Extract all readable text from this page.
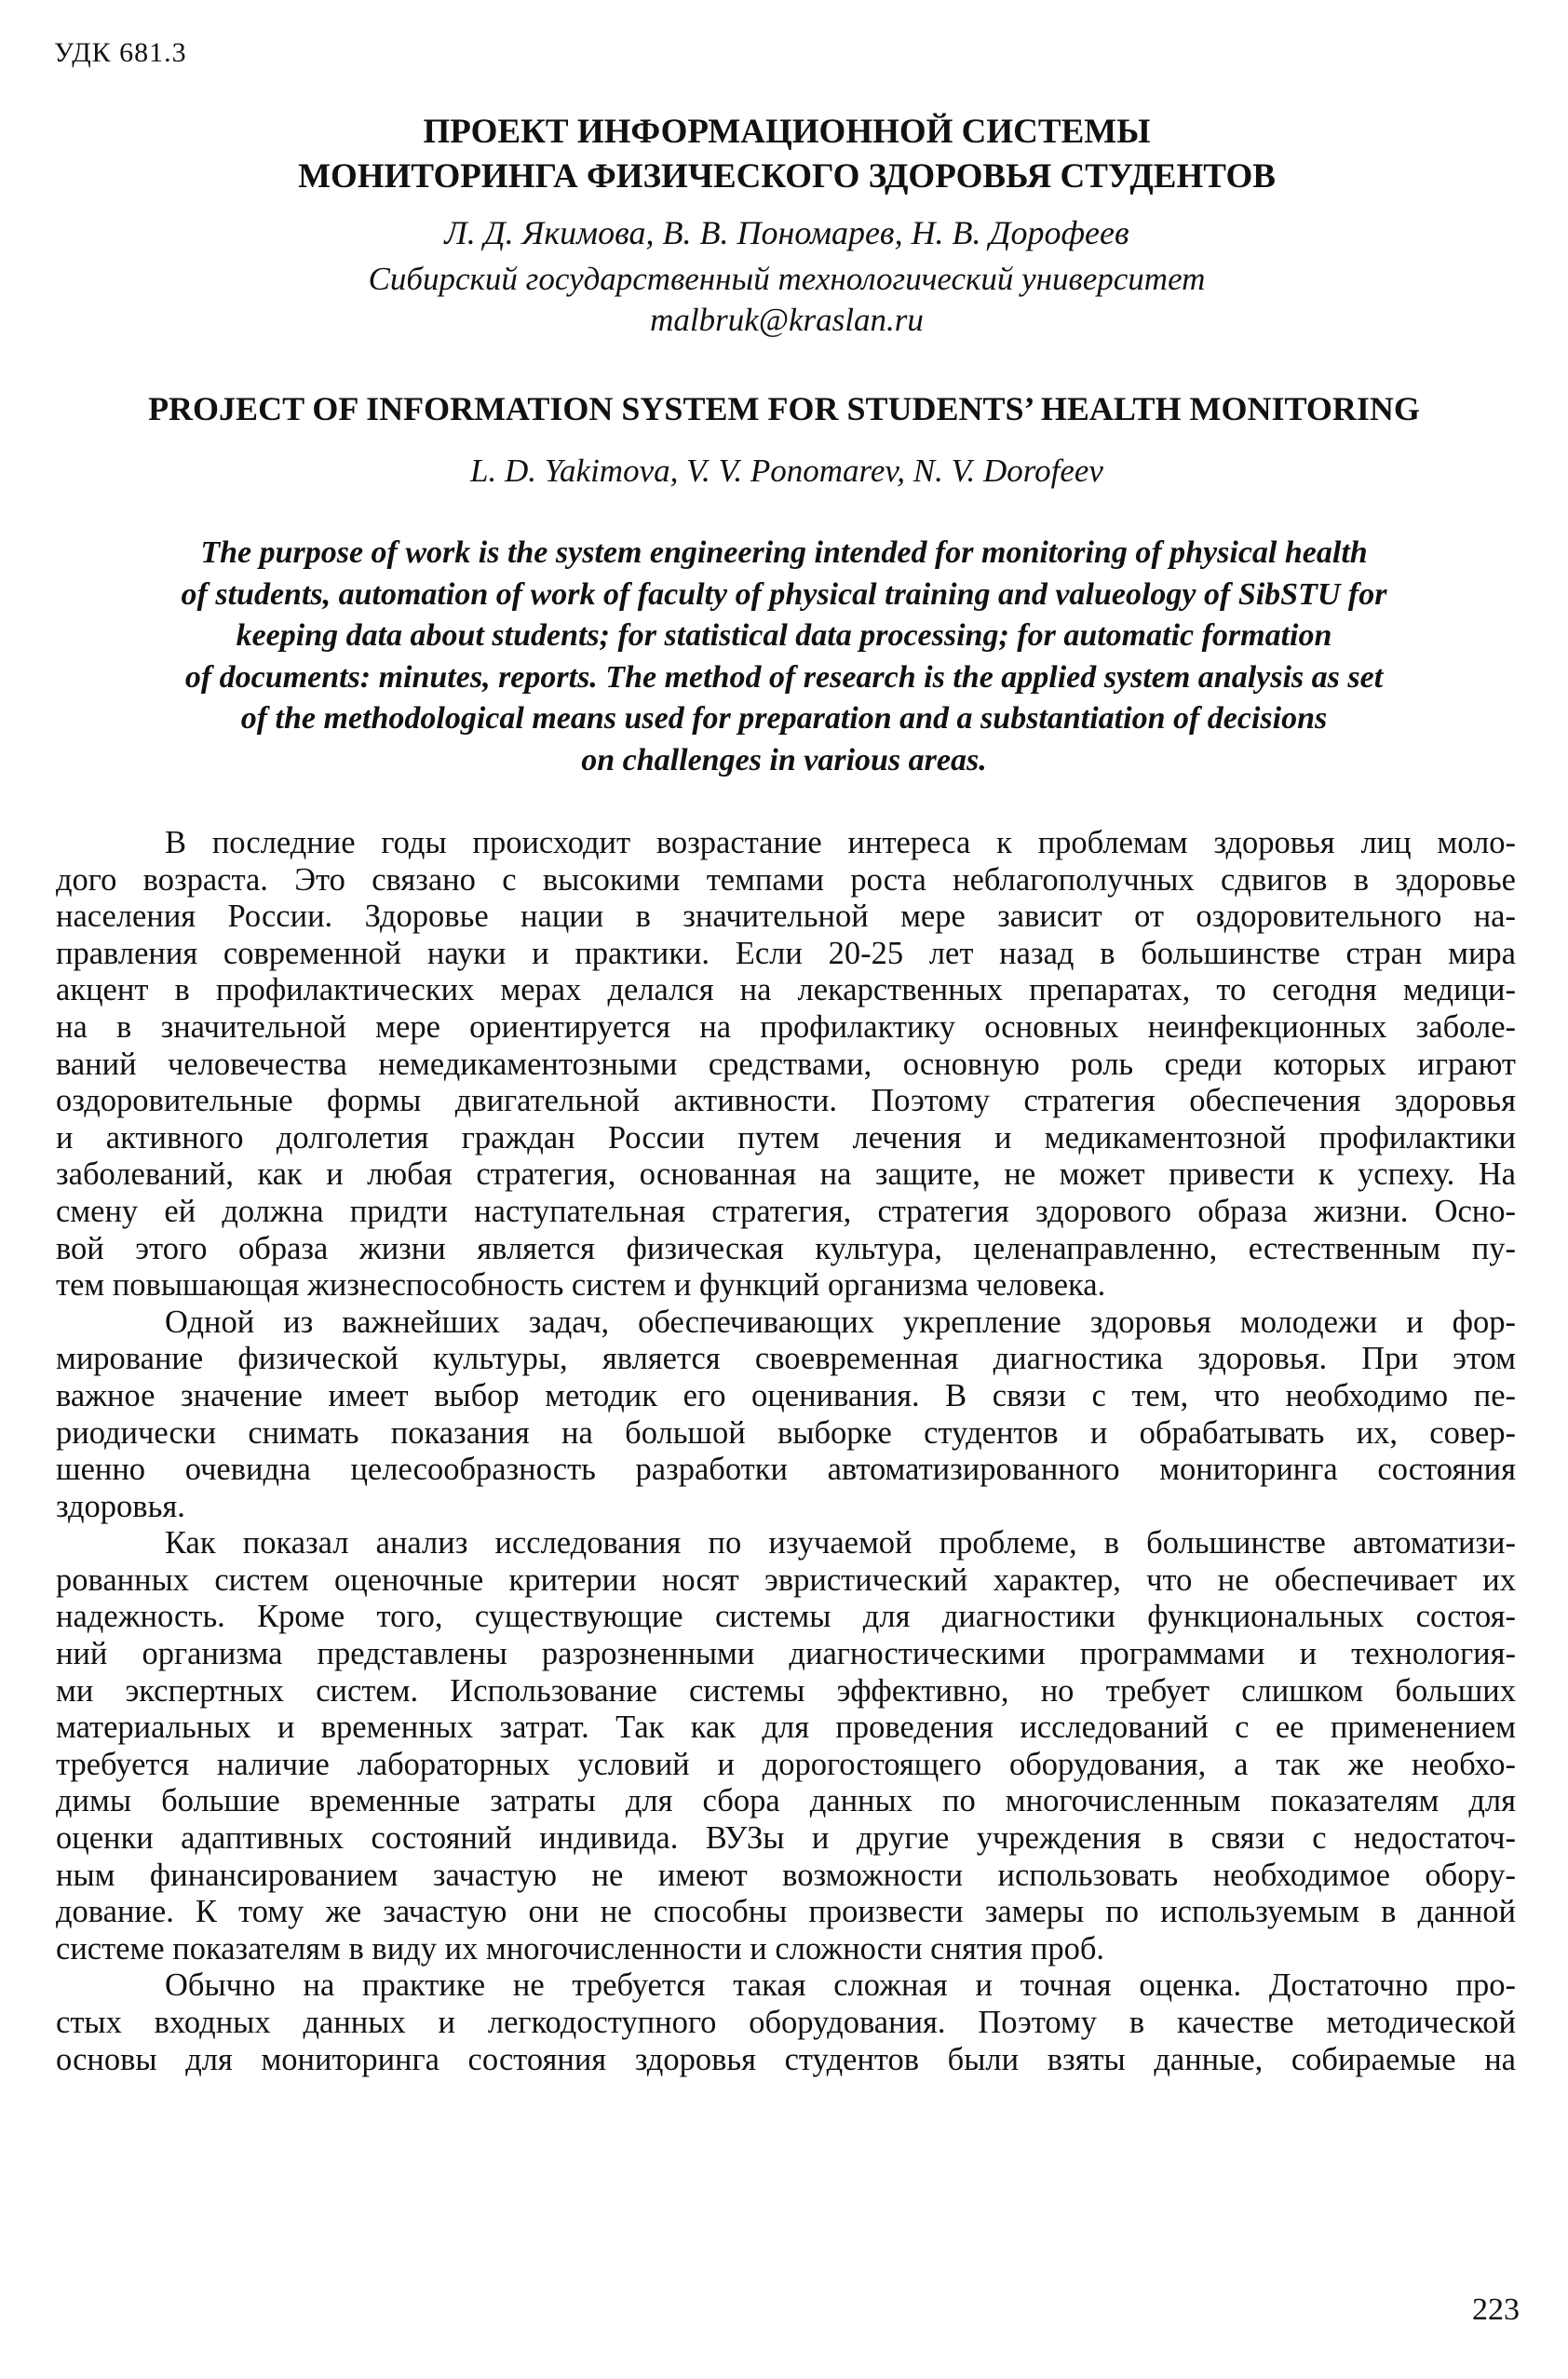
УДК 681.3
ПРОЕКТ ИНФОРМАЦИОННОЙ СИСТЕМЫ
МОНИТОРИНГА ФИЗИЧЕСКОГО ЗДОРОВЬЯ СТУДЕНТОВ
Л. Д. Якимова, В. В. Пономарев, Н. В. Дорофеев
Сибирский государственный технологический университет
malbruk@kraslan.ru
PROJECT OF INFORMATION SYSTEM FOR STUDENTS’ HEALTH MONITORING
L. D. Yakimova, V. V. Ponomarev, N. V. Dorofeev
The purpose of work is the system engineering intended for monitoring of physical health
of students, automation of work of faculty of physical training and valueology of SibSTU for
keeping data about students; for statistical data processing; for automatic formation
of documents: minutes, reports. The method of research is the applied system analysis as set
of the methodological means used for preparation and a substantiation of decisions
on challenges in various areas.
В последние годы происходит возрастание интереса к проблемам здоровья лиц моло-
дого возраста. Это связано с высокими темпами роста неблагополучных сдвигов в здоровье
населения России. Здоровье нации в значительной мере зависит от оздоровительного на-
правления современной науки и практики. Если 20-25 лет назад в большинстве стран мира
акцент в профилактических мерах делался на лекарственных препаратах, то сегодня медици-
на в значительной мере ориентируется на профилактику основных неинфекционных заболе-
ваний человечества немедикаментозными средствами, основную роль среди которых играют
оздоровительные формы двигательной активности. Поэтому стратегия обеспечения здоровья
и активного долголетия граждан России путем лечения и медикаментозной профилактики
заболеваний, как и любая стратегия, основанная на защите, не может привести к успеху. На
смену ей должна придти наступательная стратегия, стратегия здорового образа жизни. Осно-
вой этого образа жизни является физическая культура, целенаправленно, естественным пу-
тем повышающая жизнеспособность систем и функций организма человека.
Одной из важнейших задач, обеспечивающих укрепление здоровья молодежи и фор-
мирование физической культуры, является своевременная диагностика здоровья. При этом
важное значение имеет выбор методик его оценивания. В связи с тем, что необходимо пе-
риодически снимать показания на большой выборке студентов и обрабатывать их, совер-
шенно очевидна целесообразность разработки автоматизированного мониторинга состояния
здоровья.
Как показал анализ исследования по изучаемой проблеме, в большинстве автоматизи-
рованных систем оценочные критерии носят эвристический характер, что не обеспечивает их
надежность. Кроме того, существующие системы для диагностики функциональных состоя-
ний организма представлены разрозненными диагностическими программами и технология-
ми экспертных систем. Использование системы эффективно, но требует слишком больших
материальных и временных затрат. Так как для проведения исследований с ее применением
требуется наличие лабораторных условий и дорогостоящего оборудования, а так же необхо-
димы большие временные затраты для сбора данных по многочисленным показателям для
оценки адаптивных состояний индивида. ВУЗы и другие учреждения в связи с недостаточ-
ным финансированием зачастую не имеют возможности использовать необходимое обору-
дование. К тому же зачастую они не способны произвести замеры по используемым в данной
системе показателям в виду их многочисленности и сложности снятия проб.
Обычно на практике не требуется такая сложная и точная оценка. Достаточно про-
стых входных данных и легкодоступного оборудования. Поэтому в качестве методической
основы для мониторинга состояния здоровья студентов были взяты данные, собираемые на
223
